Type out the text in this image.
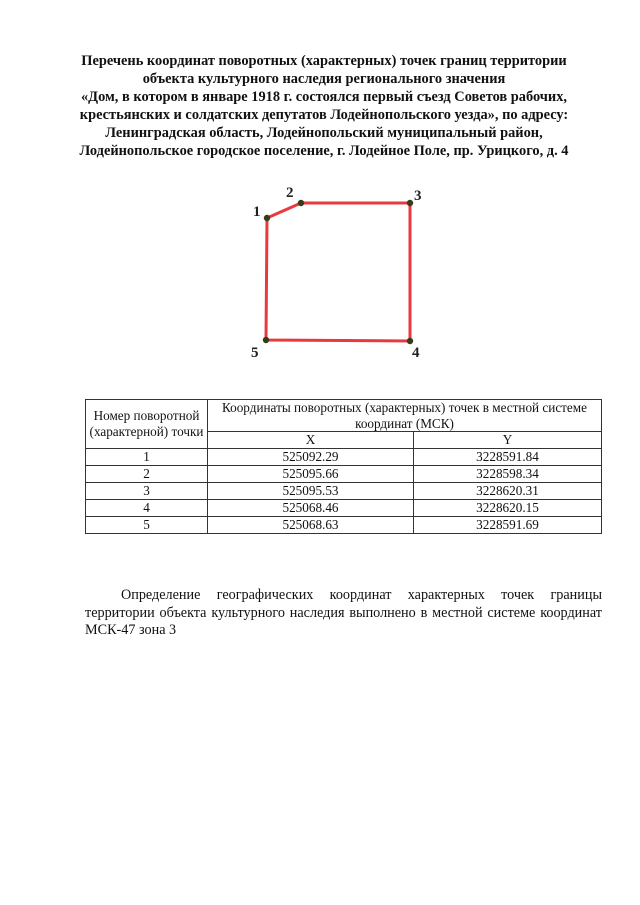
Перечень координат поворотных (характерных) точек границ территории
объекта культурного наследия регионального значения
«Дом, в котором в январе 1918 г. состоялся первый съезд Советов рабочих,
крестьянских и солдатских депутатов Лодейнопольского уезда», по адресу:
Ленинградская область, Лодейнопольский муниципальный район,
Лодейнопольское городское поселение, г. Лодейное Поле, пр. Урицкого, д. 4
1
2	3
4
5
Номер поворотной (характерной) точки	Координаты поворотных (характерных) точек в местной системе координат (МСК)	
	X	Y
1	525092.29	3228591.84
2	525095.66	3228598.34
3	525095.53	3228620.31
4	525068.46	3228620.15
5	525068.63	3228591.69

Определение географических координат характерных точек границы

территории объекта культурного наследия выполнено в местной системе координат МСК-47 зона 3
